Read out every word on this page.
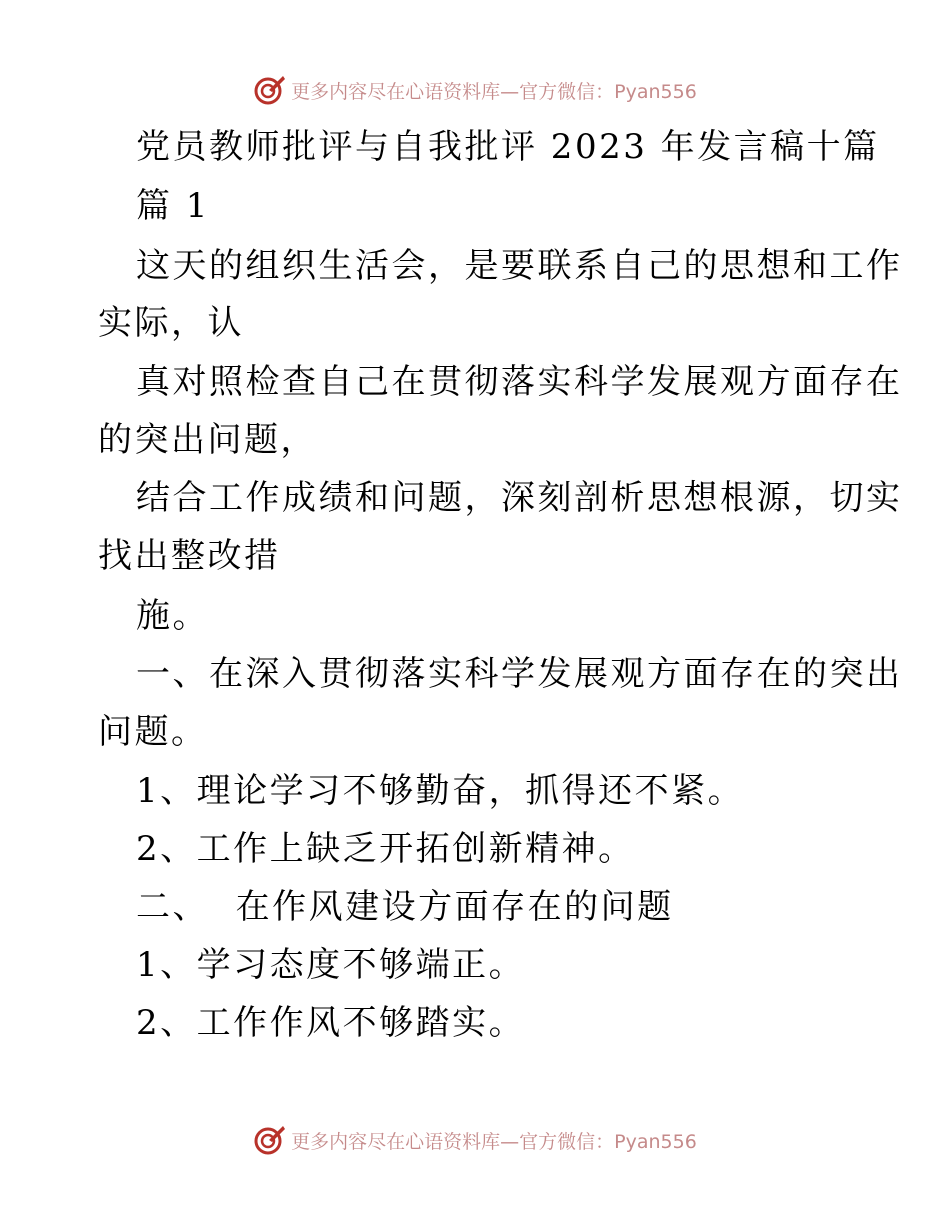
更多内容尽在心语资料库—官方微信：Pyan556
党员教师批评与自我批评 2023 年发言稿十篇
篇 1
这天的组织生活会，是要联系自己的思想和工作
实际，认
真对照检查自己在贯彻落实科学发展观方面存在
的突出问题，
结合工作成绩和问题，深刻剖析思想根源，切实
找出整改措
施。
一、在深入贯彻落实科学发展观方面存在的突出
问题。
1、理论学习不够勤奋，抓得还不紧。
2、工作上缺乏开拓创新精神。
二、  在作风建设方面存在的问题
1、学习态度不够端正。
2、工作作风不够踏实。
更多内容尽在心语资料库—官方微信：Pyan556
